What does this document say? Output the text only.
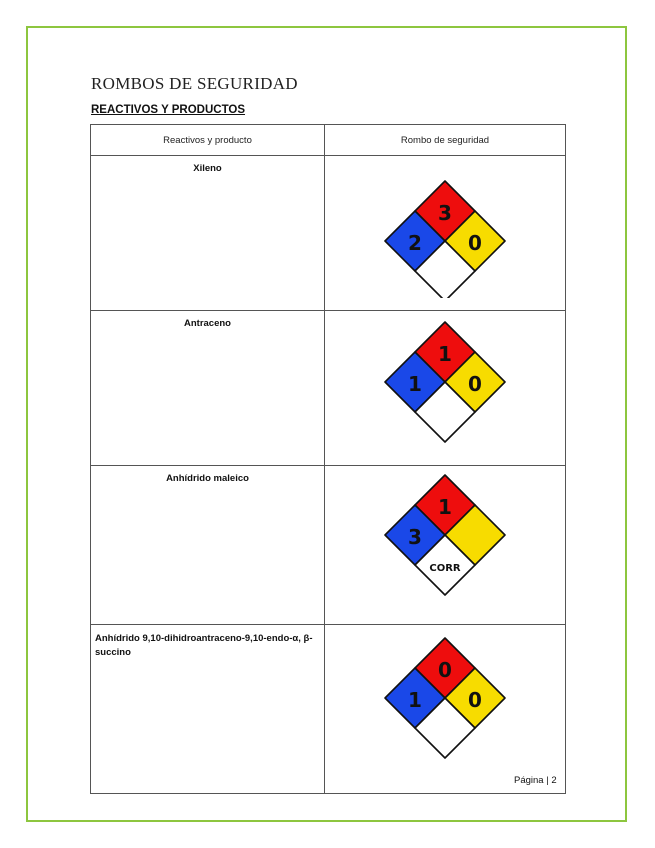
ROMBOS DE SEGURIDAD
REACTIVOS Y PRODUCTOS
Reactivos y producto	Rombo de seguridad
Xileno	3
2 0

Antraceno	1
1 0

Anhídrido maleico	1
3
CORR

Anhídrido 9,10-dihidroantraceno-9,10-endo-α, β-succino	0
1 0
Página | 2
